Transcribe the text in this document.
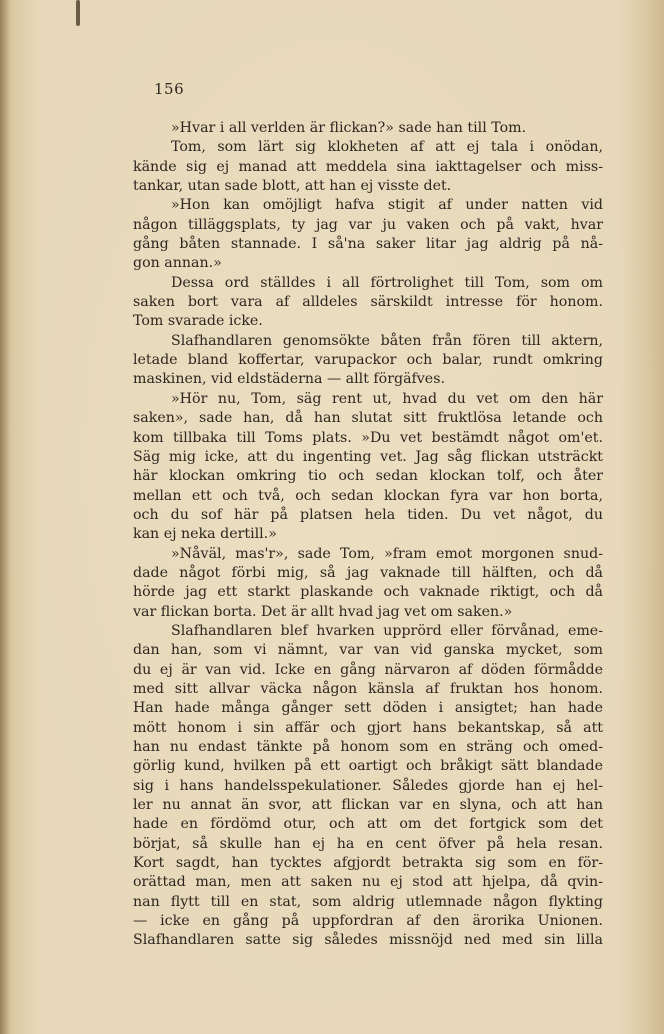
156
»Hvar i all verlden är flickan?» sade han till Tom.
Tom, som lärt sig klokheten af att ej tala i onödan,
kände sig ej manad att meddela sina iakttagelser och miss-
tankar, utan sade blott, att han ej visste det.
»Hon kan omöjligt hafva stigit af under natten vid
någon tilläggsplats, ty jag var ju vaken och på vakt, hvar
gång båten stannade. I så'na saker litar jag aldrig på nå-
gon annan.»
Dessa ord ställdes i all förtrolighet till Tom, som om
saken bort vara af alldeles särskildt intresse för honom.
Tom svarade icke.
Slafhandlaren genomsökte båten från fören till aktern,
letade bland koffertar, varupackor och balar, rundt omkring
maskinen, vid eldstäderna — allt förgäfves.
»Hör nu, Tom, säg rent ut, hvad du vet om den här
saken», sade han, då han slutat sitt fruktlösa letande och
kom tillbaka till Toms plats. »Du vet bestämdt något om'et.
Säg mig icke, att du ingenting vet. Jag såg flickan utsträckt
här klockan omkring tio och sedan klockan tolf, och åter
mellan ett och två, och sedan klockan fyra var hon borta,
och du sof här på platsen hela tiden. Du vet något, du
kan ej neka dertill.»
»Nåväl, mas'r», sade Tom, »fram emot morgonen snud-
dade något förbi mig, så jag vaknade till hälften, och då
hörde jag ett starkt plaskande och vaknade riktigt, och då
var flickan borta. Det är allt hvad jag vet om saken.»
Slafhandlaren blef hvarken upprörd eller förvånad, eme-
dan han, som vi nämnt, var van vid ganska mycket, som
du ej är van vid. Icke en gång närvaron af döden förmådde
med sitt allvar väcka någon känsla af fruktan hos honom.
Han hade många gånger sett döden i ansigtet; han hade
mött honom i sin affär och gjort hans bekantskap, så att
han nu endast tänkte på honom som en sträng och omed-
görlig kund, hvilken på ett oartigt och bråkigt sätt blandade
sig i hans handelsspekulationer. Således gjorde han ej hel-
ler nu annat än svor, att flickan var en slyna, och att han
hade en fördömd otur, och att om det fortgick som det
börjat, så skulle han ej ha en cent öfver på hela resan.
Kort sagdt, han tycktes afgjordt betrakta sig som en för-
orättad man, men att saken nu ej stod att hjelpa, då qvin-
nan flytt till en stat, som aldrig utlemnade någon flykting
— icke en gång på uppfordran af den ärorika Unionen.
Slafhandlaren satte sig således missnöjd ned med sin lilla
